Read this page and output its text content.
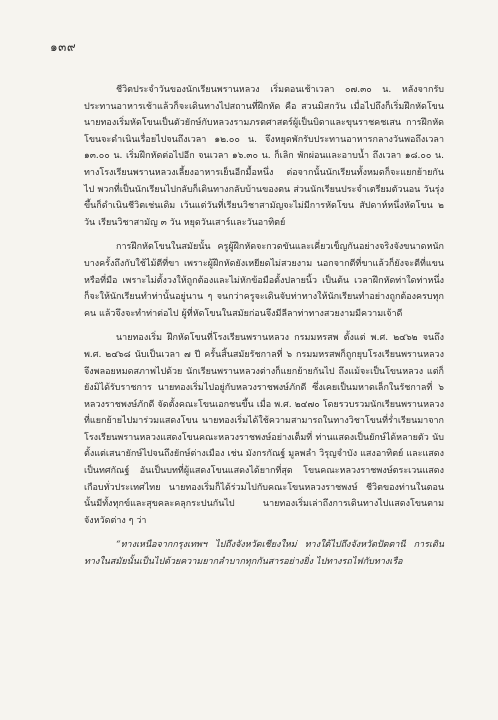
๑๓๙

ชีวิตประจำวันของนักเรียนพรานหลวง เริ่มตอนเช้าเวลา ๐๗.๓๐ น. หลังจากรับประทานอาหารเช้าแล้วก็จะเดินทางไปสถานที่ฝึกหัด คือ สวนมิสกวัน เมื่อไปถึงก็เริ่มฝึกหัดโขน นายทองเริ่มหัดโขนเป็นตัวยักษ์กับหลวงรามภรตศาสตร์ผู้เป็นบิดาและขุนราชคชเสน การฝึกหัดโขนจะดำเนินเรื่อยไปจนถึงเวลา ๑๒.๐๐ น. จึงหยุดพักรับประทานอาหารกลางวันพอถึงเวลา ๑๓.๐๐ น. เริ่มฝึกหัดต่อไปอีก จนเวลา ๑๖.๓๐ น. ก็เลิก พักผ่อนและอาบน้ำ ถึงเวลา ๑๘.๐๐ น. ทางโรงเรียนพรานหลวงเลี้ยงอาหารเย็นอีกมื้อหนึ่ง ต่อจากนั้นนักเรียนทั้งหมดก็จะแยกย้ายกันไป พวกที่เป็นนักเรียนไปกลับก็เดินทางกลับบ้านของตน ส่วนนักเรียนประจำเตรียมตัวนอน วันรุ่งขึ้นก็ดำเนินชีวิตเช่นเดิม เว้นแต่วันที่เรียนวิชาสามัญจะไม่มีการหัดโขน สัปดาห์หนึ่งหัดโขน ๒ วัน เรียนวิชาสามัญ ๓ วัน หยุดวันเสาร์และวันอาทิตย์

การฝึกหัดโขนในสมัยนั้น ครูผู้ฝึกหัดจะกวดขันและเคี่ยวเข็ญกันอย่างจริงจังขนาดหนัก บางครั้งถึงกับใช้ไม้ตีที่ขา เพราะผู้ฝึกหัดยังเหยียดไม่สวยงาม นอกจากตีที่ขาแล้วก็ยังจะตีที่แขนหรือที่มือ เพราะไม่ตั้งวงให้ถูกต้องและไม่หักข้อมือตั้งปลายนิ้ว เป็นต้น เวลาฝึกหัดท่าใดท่าหนึ่ง ก็จะให้นักเรียนทำท่านั้นอยู่นาน ๆ จนกว่าครูจะเดินจับท่าทางให้นักเรียนทำอย่างถูกต้องครบทุกคน แล้วจึงจะทำท่าต่อไป ผู้ที่หัดโขนในสมัยก่อนจึงมีลีลาท่าทางสวยงามมีความเจ้าดี

นายทองเริ่ม ฝึกหัดโขนที่โรงเรียนพรานหลวง กรมมหรสพ ตั้งแต่ พ.ศ. ๒๔๖๒ จนถึง พ.ศ. ๒๔๖๘ นับเป็นเวลา ๗ ปี ครั้นสิ้นสมัยรัชกาลที่ ๖ กรมมหรสพก็ถูกยุบโรงเรียนพรานหลวงจึงพลอยหมดสภาพไปด้วย นักเรียนพรานหลวงต่างก็แยกย้ายกันไป ถึงแม้จะเป็นโขนหลวง แต่ก็ยังมิได้รับราชการ นายทองเริ่มไปอยู่กับหลวงราชพงษ์ภักดี ซึ่งเคยเป็นมหาดเล็กในรัชกาลที่ ๖ หลวงราชพงษ์ภักดี จัดตั้งคณะโขนเอกชนขึ้น เมื่อ พ.ศ. ๒๔๗๐ โดยรวบรวมนักเรียนพรานหลวงที่แยกย้ายไปมาร่วมแสดงโขน นายทองเริ่มได้ใช้ความสามารถในทางวิชาโขนที่ร่ำเรียนมาจากโรงเรียนพรานหลวงแสดงโขนคณะหลวงราชพงษ์อย่างเต็มที่ ท่านแสดงเป็นยักษ์ได้หลายตัว นับตั้งแต่เสนายักษ์ไปจนถึงยักษ์ต่างเมือง เช่น มังกรกัณฐ์ มูลพลำ วิรุญจำบัง แสงอาทิตย์ และแสดงเป็นทศกัณฐ์ อันเป็นบทที่ผู้แสดงโขนแสดงได้ยากที่สุด โขนคณะหลวงราชพงษ์ตระเวนแสดงเกือบทั่วประเทศไทย นายทองเริ่มก็ได้ร่วมไปกับคณะโขนหลวงราชพงษ์ ชีวิตของท่านในตอนนั้นมีทั้งทุกข์และสุขคละคลุกระปนกันไป นายทองเริ่มเล่าถึงการเดินทางไปแสดงโขนตามจังหวัดต่าง ๆ ว่า

“ทางเหนือจากกรุงเทพฯ ไปถึงจังหวัดเชียงใหม่ ทางใต้ไปถึงจังหวัดปัตตานี การเดินทางในสมัยนั้นเป็นไปด้วยความยากลำบากทุกกันสารอย่างยิ่ง ไปทางรถไฟกับทางเรือ
